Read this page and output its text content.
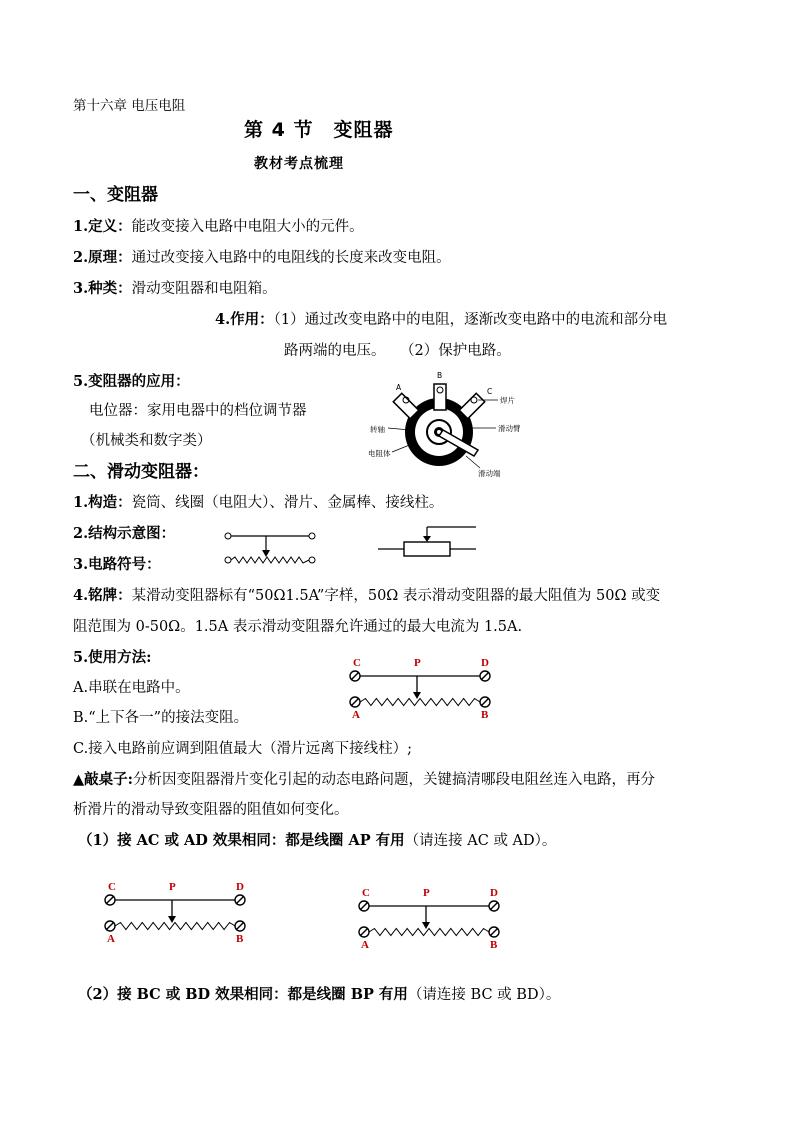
第十六章 电压电阻
第 4 节　变阻器
教材考点梳理
一、变阻器
1.定义：能改变接入电路中电阻大小的元件。
2.原理：通过改变接入电路中的电阻线的长度来改变电阻。
3.种类：滑动变阻器和电阻箱。
4.作用：（1）通过改变电路中的电阻，逐渐改变电路中的电流和部分电
路两端的电压。　　（2）保护电路。
5.变阻器的应用：
电位器：家用电器中的档位调节器
（机械类和数字类）
A
B
C
焊片
转轴	滑动臂
电阻体
滑动端
二、滑动变阻器：
1.构造：瓷筒、线圈（电阻大）、滑片、金属棒、接线柱。
2.结构示意图：
3.电路符号：
4.铭牌：某滑动变阻器标有“50Ω1.5A”字样，50Ω 表示滑动变阻器的最大阻值为 50Ω 或变
阻范围为 0-50Ω。1.5A 表示滑动变阻器允许通过的最大电流为 1.5A.
5.使用方法:
A.串联在电路中。
B.“上下各一”的接法变阻。
C.接入电路前应调到阻值最大（滑片远离下接线柱）;
▲敲桌子:分析因变阻器滑片变化引起的动态电路问题，关键搞清哪段电阻丝连入电路，再分
析滑片的滑动导致变阻器的阻值如何变化。
（1）接 AC 或 AD 效果相同：都是线圈 AP 有用（请连接 AC 或 AD）。
（2）接 BC 或 BD 效果相同：都是线圈 BP 有用（请连接 BC 或 BD）。
C	P	D
A	B
C	P	D
A	B
C	P	D
A	B
